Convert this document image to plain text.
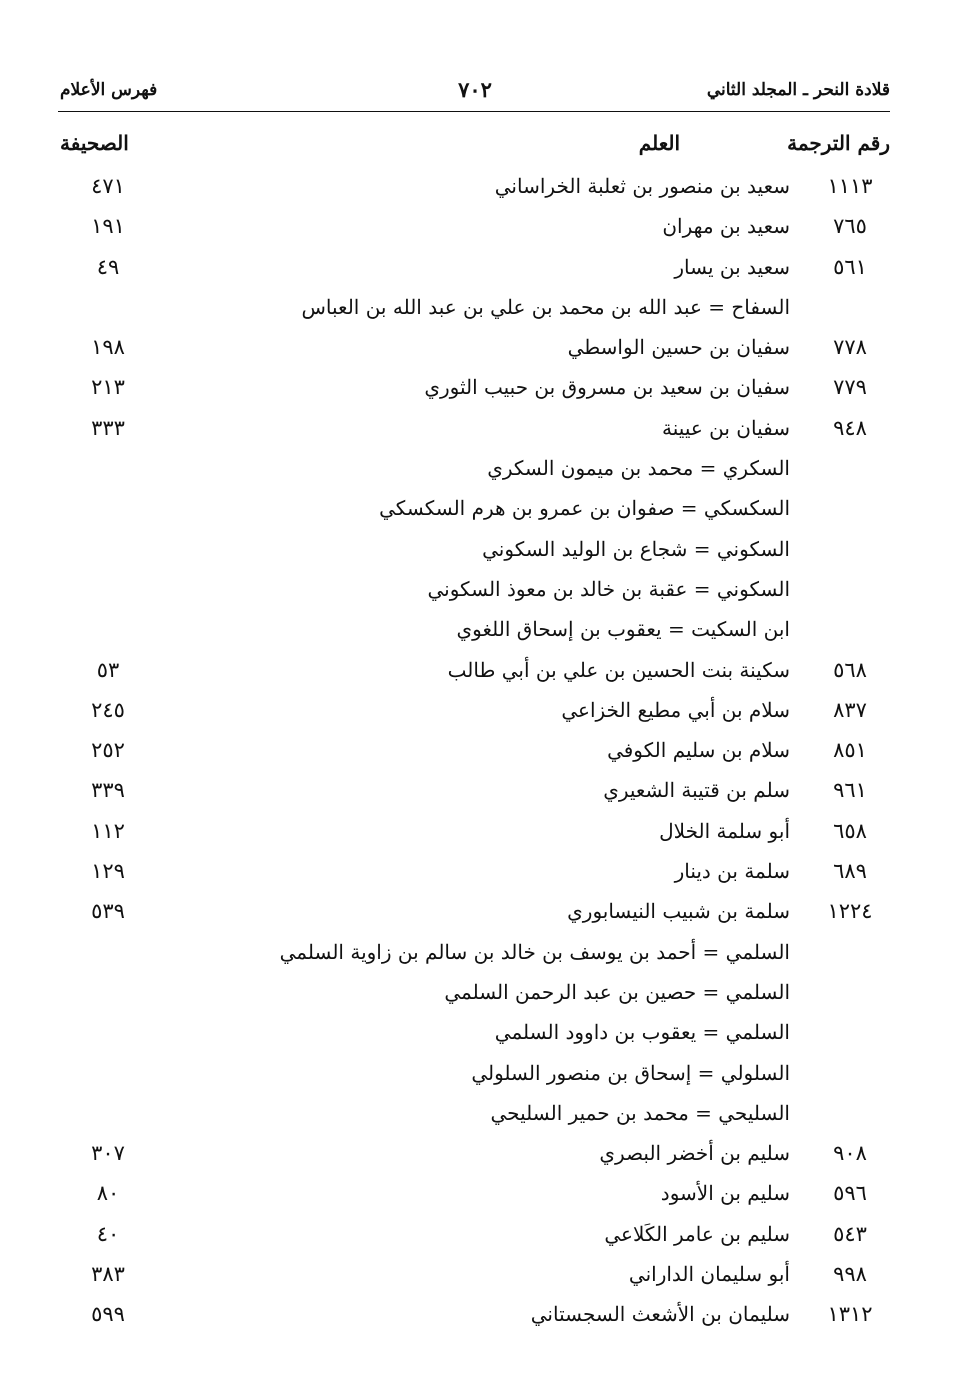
قلادة النحر ـ المجلد الثاني
٧٠٢
فهرس الأعلام
رقم الترجمة
العلم
الصحيفة
١١١٣
سعيد بن منصور بن ثعلبة الخراساني
٤٧١
٧٦٥
سعيد بن مهران
١٩١
٥٦١
سعيد بن يسار
٤٩
السفاح = عبد الله بن محمد بن علي بن عبد الله بن العباس
٧٧٨
سفيان بن حسين الواسطي
١٩٨
٧٧٩
سفيان بن سعيد بن مسروق بن حبيب الثوري
٢١٣
٩٤٨
سفيان بن عيينة
٣٣٣
السكري = محمد بن ميمون السكري
السكسكي = صفوان بن عمرو بن هرم السكسكي
السكوني = شجاع بن الوليد السكوني
السكوني = عقبة بن خالد بن معوذ السكوني
ابن السكيت = يعقوب بن إسحاق اللغوي
٥٦٨
سكينة بنت الحسين بن علي بن أبي طالب
٥٣
٨٣٧
سلام بن أبي مطيع الخزاعي
٢٤٥
٨٥١
سلام بن سليم الكوفي
٢٥٢
٩٦١
سلم بن قتيبة الشعيري
٣٣٩
٦٥٨
أبو سلمة الخلال
١١٢
٦٨٩
سلمة بن دينار
١٢٩
١٢٢٤
سلمة بن شبيب النيسابوري
٥٣٩
السلمي = أحمد بن يوسف بن خالد بن سالم بن زاوية السلمي
السلمي = حصين بن عبد الرحمن السلمي
السلمي = يعقوب بن داوود السلمي
السلولي = إسحاق بن منصور السلولي
السليحي = محمد بن حمير السليحي
٩٠٨
سليم بن أخضر البصري
٣٠٧
٥٩٦
سليم بن الأسود
٨٠
٥٤٣
سليم بن عامر الكَلاعي
٤٠
٩٩٨
أبو سليمان الداراني
٣٨٣
١٣١٢
سليمان بن الأشعث السجستاني
٥٩٩
